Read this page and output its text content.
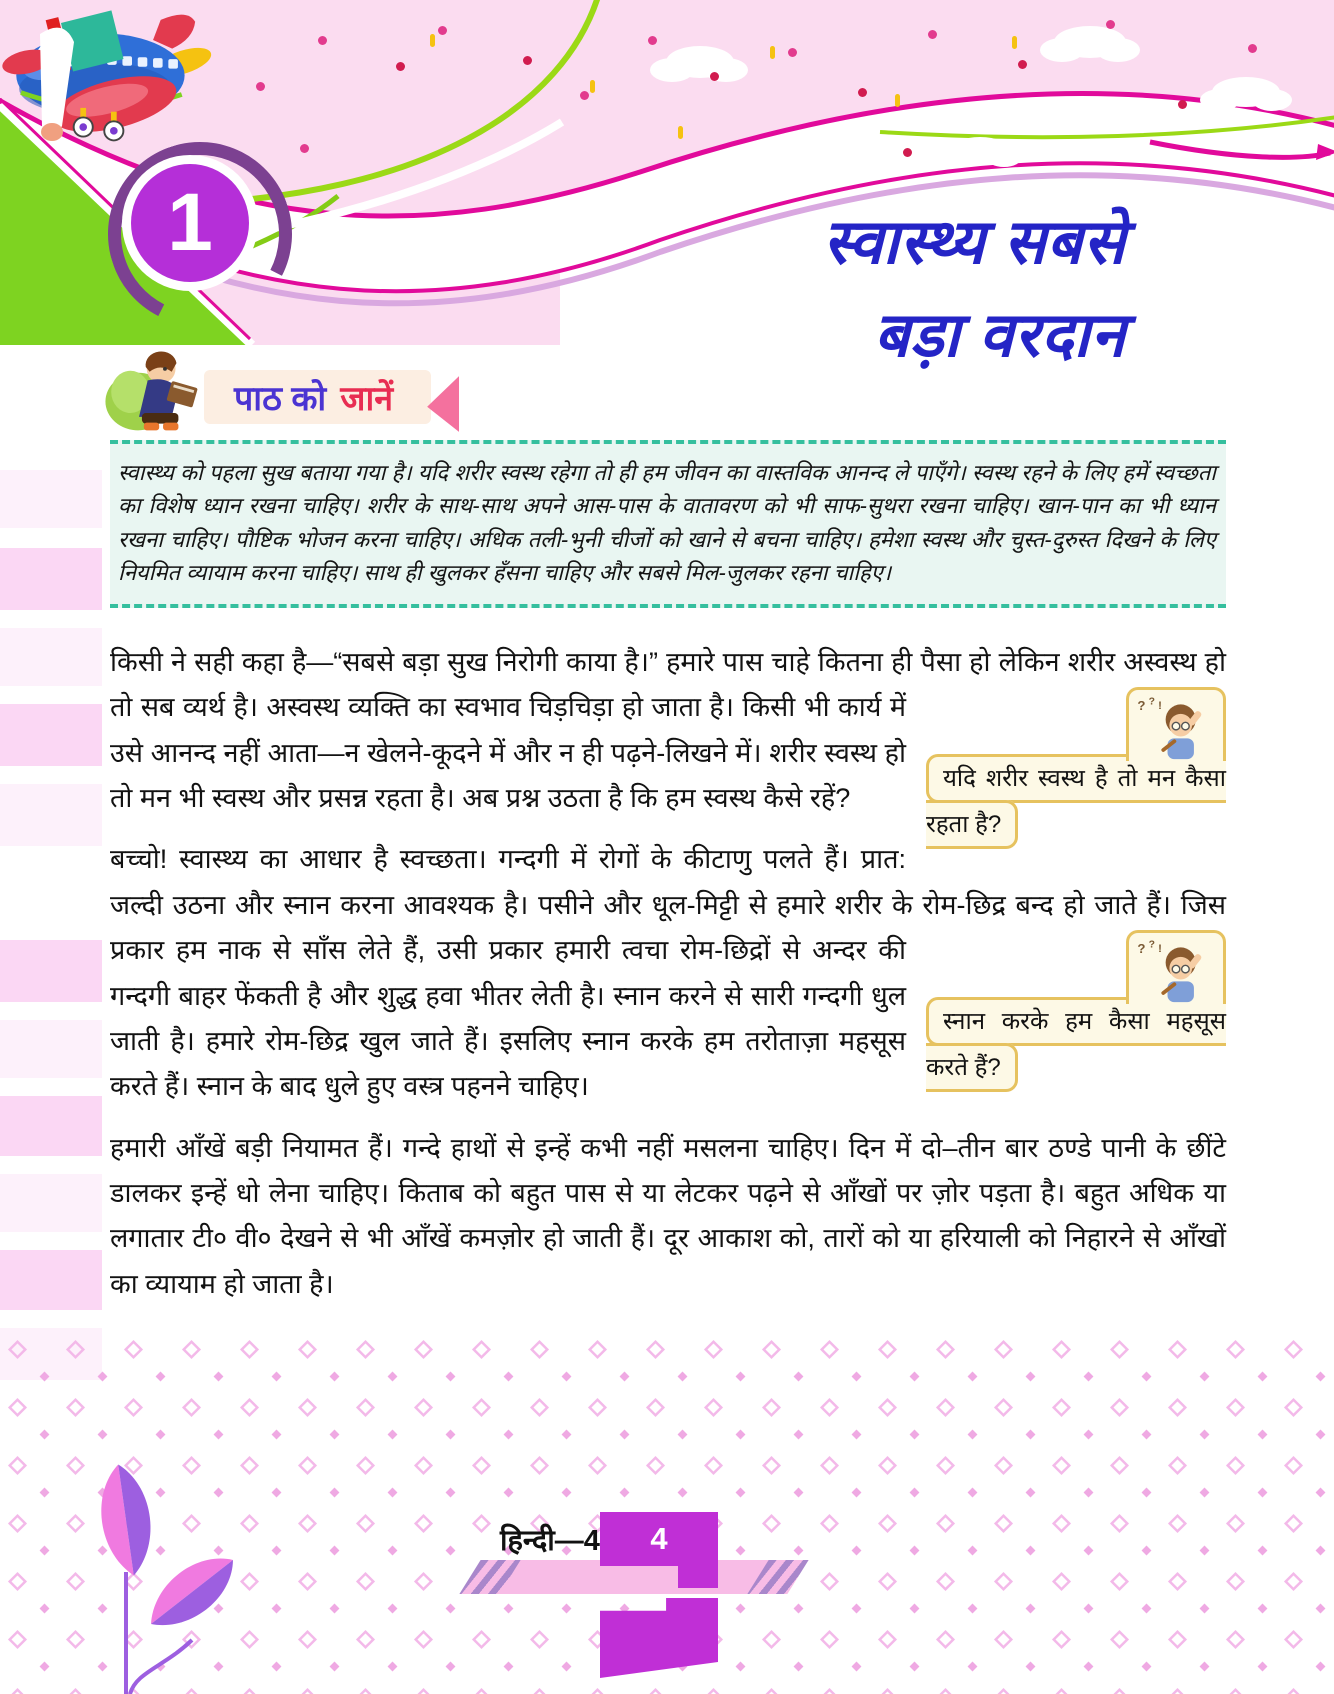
1	स्वास्थ्य सबसे
बड़ा वरदान
पाठ को जानें
स्वास्थ्य को पहला सुख बताया गया है। यदि शरीर स्वस्थ रहेगा तो ही हम जीवन का वास्तविक आनन्द ले पाएँगे। स्वस्थ रहने के लिए हमें स्वच्छता का विशेष ध्यान रखना चाहिए। शरीर के साथ-साथ अपने आस-पास के वातावरण को भी साफ-सुथरा रखना चाहिए। खान-पान का भी ध्यान रखना चाहिए। पौष्टिक भोजन करना चाहिए। अधिक तली-भुनी चीजों को खाने से बचना चाहिए। हमेशा स्वस्थ और चुस्त-दुरुस्त दिखने के लिए नियमित व्यायाम करना चाहिए। साथ ही खुलकर हँसना चाहिए और सबसे मिल-जुलकर रहना चाहिए।

किसी ने सही कहा है—“सबसे बड़ा सुख निरोगी काया है।” हमारे पास चाहे कितना ही पैसा हो लेकिन शरीर अस्वस्थ हो तो सब व्यर्थ है। अस्वस्थ व्यक्ति का स्वभाव चिड़चिड़ा हो जाता	? ? !
यदि शरीर स्वस्थ है तो मन कैसा रहता है?
है। किसी भी कार्य में उसे आनन्द नहीं आता—न खेलने-कूदने में और न ही पढ़ने-लिखने में। शरीर स्वस्थ हो तो मन भी स्वस्थ और प्रसन्न रहता है। अब प्रश्न उठता है कि हम स्वस्थ कैसे रहें?

बच्चो! स्वास्थ्य का आधार है स्वच्छता। गन्दगी में रोगों के कीटाणु पलते हैं। प्रात: जल्दी उठना और स्नान करना आवश्यक है। पसीने और धूल-मिट्टी से हमारे शरीर के रोम-छिद्र बन्द हो जाते हैं। जिस प्रकार हम नाक से साँस लेते हैं, उसी प्रकार हमारी त्वचा रोम-छिद्रों से अन्दर की	? ? !
स्नान करके हम कैसा महसूस करते हैं?
गन्दगी बाहर फेंकती है और शुद्ध हवा भीतर लेती है। स्नान करने से सारी गन्दगी धुल जाती है। हमारे रोम-छिद्र खुल जाते हैं। इसलिए स्नान करके हम तरोताज़ा महसूस करते हैं। स्नान के बाद धुले हुए वस्त्र पहनने चाहिए।

हमारी आँखें बड़ी नियामत हैं। गन्दे हाथों से इन्हें कभी नहीं मसलना चाहिए। दिन में दो–तीन बार ठण्डे पानी के छींटे डालकर इन्हें धो लेना चाहिए। किताब को बहुत पास से या लेटकर पढ़ने से आँखों पर ज़ोर पड़ता है। बहुत अधिक या लगातार टी० वी० देखने से भी आँखें कमज़ोर हो जाती हैं। दूर आकाश को, तारों को या हरियाली को निहारने से आँखों का व्यायाम हो जाता है।

हिन्दी—4 4
